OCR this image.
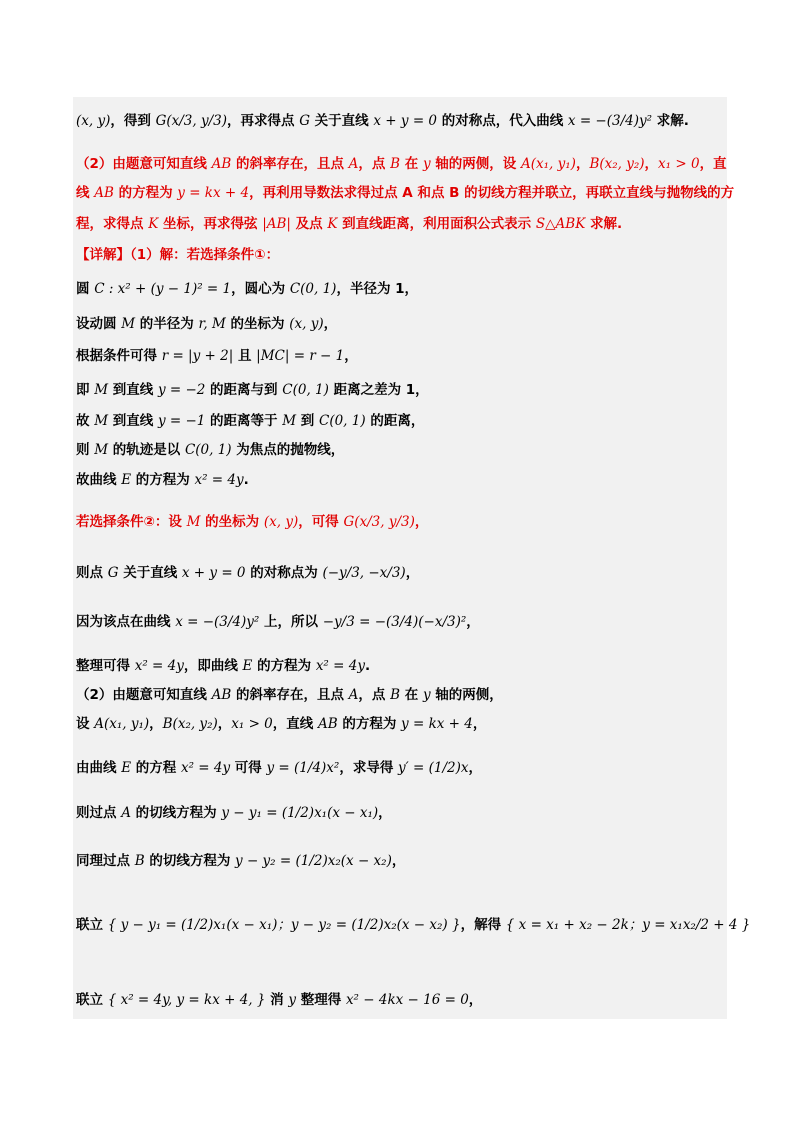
(x, y)，得到 G(x/3, y/3)，再求得点 G 关于直线 x + y = 0 的对称点，代入曲线 x = −(3/4)y² 求解.
（2）由题意可知直线 AB 的斜率存在，且点 A，点 B 在 y 轴的两侧，设 A(x₁, y₁)，B(x₂, y₂)，x₁ > 0，直
线 AB 的方程为 y = kx + 4，再利用导数法求得过点 A 和点 B 的切线方程并联立，再联立直线与抛物线的方
程，求得点 K 坐标，再求得弦 |AB| 及点 K 到直线距离，利用面积公式表示 S△ABK 求解.
【详解】（1）解：若选择条件①：
圆 C : x² + (y − 1)² = 1，圆心为 C(0, 1)，半径为 1，
设动圆 M 的半径为 r, M 的坐标为 (x, y)，
根据条件可得 r = |y + 2| 且 |MC| = r − 1，
即 M 到直线 y = −2 的距离与到 C(0, 1) 距离之差为 1，
故 M 到直线 y = −1 的距离等于 M 到 C(0, 1) 的距离，
则 M 的轨迹是以 C(0, 1) 为焦点的抛物线，
故曲线 E 的方程为 x² = 4y.
若选择条件②：设 M 的坐标为 (x, y)，可得 G(x/3, y/3)，
则点 G 关于直线 x + y = 0 的对称点为 (−y/3, −x/3)，
因为该点在曲线 x = −(3/4)y² 上，所以 −y/3 = −(3/4)(−x/3)²，
整理可得 x² = 4y，即曲线 E 的方程为 x² = 4y.
（2）由题意可知直线 AB 的斜率存在，且点 A，点 B 在 y 轴的两侧，
设 A(x₁, y₁)，B(x₂, y₂)，x₁ > 0，直线 AB 的方程为 y = kx + 4，
由曲线 E 的方程 x² = 4y 可得 y = (1/4)x²，求导得 y′ = (1/2)x，
则过点 A 的切线方程为 y − y₁ = (1/2)x₁(x − x₁)，
同理过点 B 的切线方程为 y − y₂ = (1/2)x₂(x − x₂)，
联立 { y − y₁ = (1/2)x₁(x − x₁)；y − y₂ = (1/2)x₂(x − x₂) }，解得 { x = x₁ + x₂ − 2k；y = x₁x₂/2 + 4 }
联立 { x² = 4y, y = kx + 4, } 消 y 整理得 x² − 4kx − 16 = 0，
